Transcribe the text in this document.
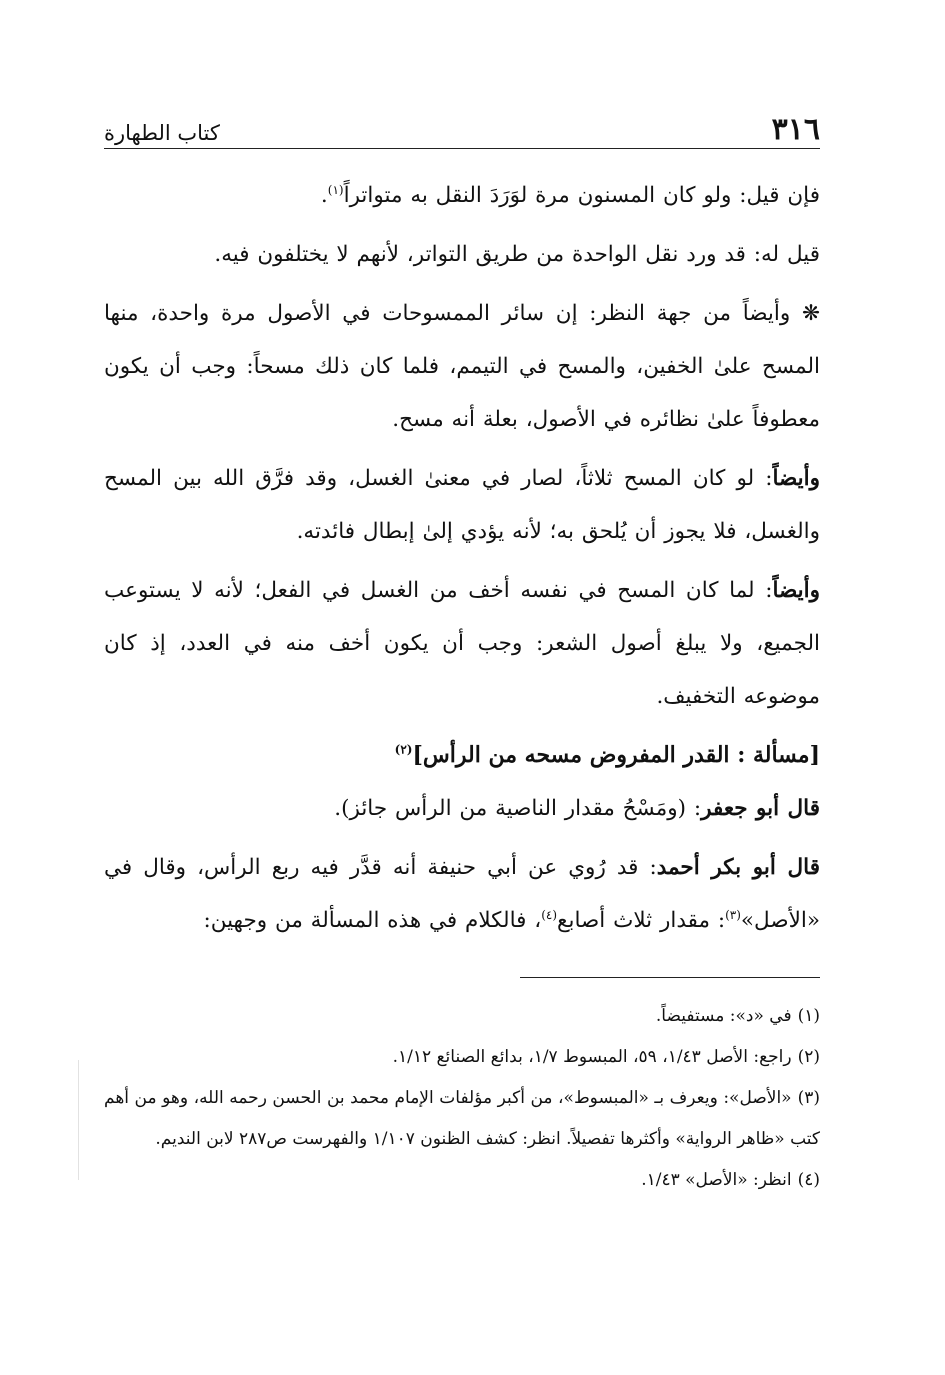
٣١٦
كتاب الطهارة

فإن قيل: ولو كان المسنون مرة لوَرَدَ النقل به متواتراً$^{(١)}$.

قيل له: قد ورد نقل الواحدة من طريق التواتر، لأنهم لا يختلفون فيه.

❋ وأيضاً من جهة النظر: إن سائر الممسوحات في الأصول مرة واحدة، منها المسح علىٰ الخفين، والمسح في التيمم، فلما كان ذلك مسحاً: وجب أن يكون معطوفاً علىٰ نظائره في الأصول، بعلة أنه مسح.

وأيضاً: لو كان المسح ثلاثاً، لصار في معنىٰ الغسل، وقد فرَّق الله بين المسح والغسل، فلا يجوز أن يُلحق به؛ لأنه يؤدي إلىٰ إبطال فائدته.

وأيضاً: لما كان المسح في نفسه أخف من الغسل في الفعل؛ لأنه لا يستوعب الجميع، ولا يبلغ أصول الشعر: وجب أن يكون أخف منه في العدد، إذ كان موضوعه التخفيف.

[مسألة : القدر المفروض مسحه من الرأس]$^{(٢)}$

قال أبو جعفر: (ومَسْحُ مقدار الناصية من الرأس جائز).

قال أبو بكر أحمد: قد رُوي عن أبي حنيفة أنه قدَّر فيه ربع الرأس، وقال في «الأصل»$^{(٣)}$: مقدار ثلاث أصابع$^{(٤)}$، فالكلام في هذه المسألة من وجهين:

(١)في «د»: مستفيضاً.

(٢)راجع: الأصل ١/٤٣، ٥٩، المبسوط ١/٧، بدائع الصنائع ١/١٢.

(٣)«الأصل»: ويعرف بـ «المبسوط»، من أكبر مؤلفات الإمام محمد بن الحسن رحمه الله، وهو من أهم كتب «ظاهر الرواية» وأكثرها تفصيلاً. انظر: كشف الظنون ١/١٠٧ والفهرست ص٢٨٧ لابن النديم.

(٤)انظر: «الأصل» ١/٤٣.
